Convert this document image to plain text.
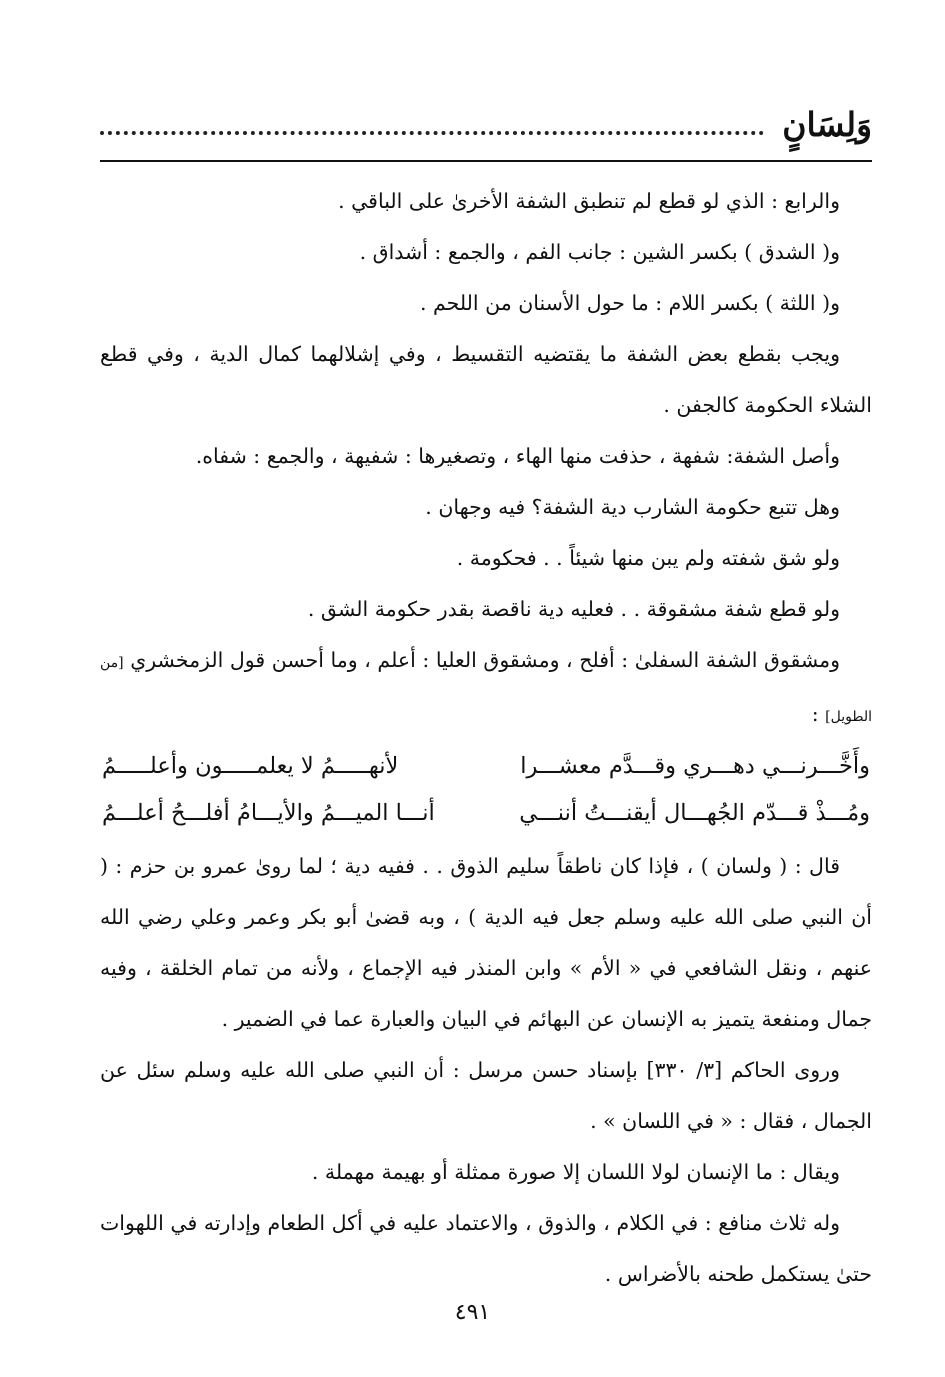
وَلِسَانٍ

والرابع : الذي لو قطع لم تنطبق الشفة الأخرىٰ على الباقي .

و( الشدق ) بكسر الشين : جانب الفم ، والجمع : أشداق .

و( اللثة ) بكسر اللام : ما حول الأسنان من اللحم .

ويجب بقطع بعض الشفة ما يقتضيه التقسيط ، وفي إشلالهما كمال الدية ، وفي قطع الشلاء الحكومة كالجفن .

وأصل الشفة: شفهة ، حذفت منها الهاء ، وتصغيرها : شفيهة ، والجمع : شفاه.

وهل تتبع حكومة الشارب دية الشفة؟ فيه وجهان .

ولو شق شفته ولم يبن منها شيئاً . . فحكومة .

ولو قطع شفة مشقوقة . . فعليه دية ناقصة بقدر حكومة الشق .

ومشقوق الشفة السفلىٰ : أفلح ، ومشقوق العليا : أعلم ، وما أحسن قول الزمخشري [من الطويل] :

وأَخَّـــرنـــي دهـــري وقـــدَّم معشـــرا
لأنهـــــمُ لا يعلمـــــون وأعلـــــمُ
ومُـــذْ قـــدّم الجُهـــال أيقنـــتُ أننـــي
أنـــا الميـــمُ والأيـــامُ أفلـــحُ أعلـــمُ

قال : ( ولسان ) ، فإذا كان ناطقاً سليم الذوق . . ففيه دية ؛ لما روىٰ عمرو بن حزم : ( أن النبي صلى الله عليه وسلم جعل فيه الدية ) ، وبه قضىٰ أبو بكر وعمر وعلي رضي الله عنهم ، ونقل الشافعي في « الأم » وابن المنذر فيه الإجماع ، ولأنه من تمام الخلقة ، وفيه جمال ومنفعة يتميز به الإنسان عن البهائم في البيان والعبارة عما في الضمير .

وروى الحاكم [٣/ ٣٣٠] بإسناد حسن مرسل : أن النبي صلى الله عليه وسلم سئل عن الجمال ، فقال : « في اللسان » .

ويقال : ما الإنسان لولا اللسان إلا صورة ممثلة أو بهيمة مهملة .

وله ثلاث منافع : في الكلام ، والذوق ، والاعتماد عليه في أكل الطعام وإدارته في اللهوات حتىٰ يستكمل طحنه بالأضراس .

٤٩١
